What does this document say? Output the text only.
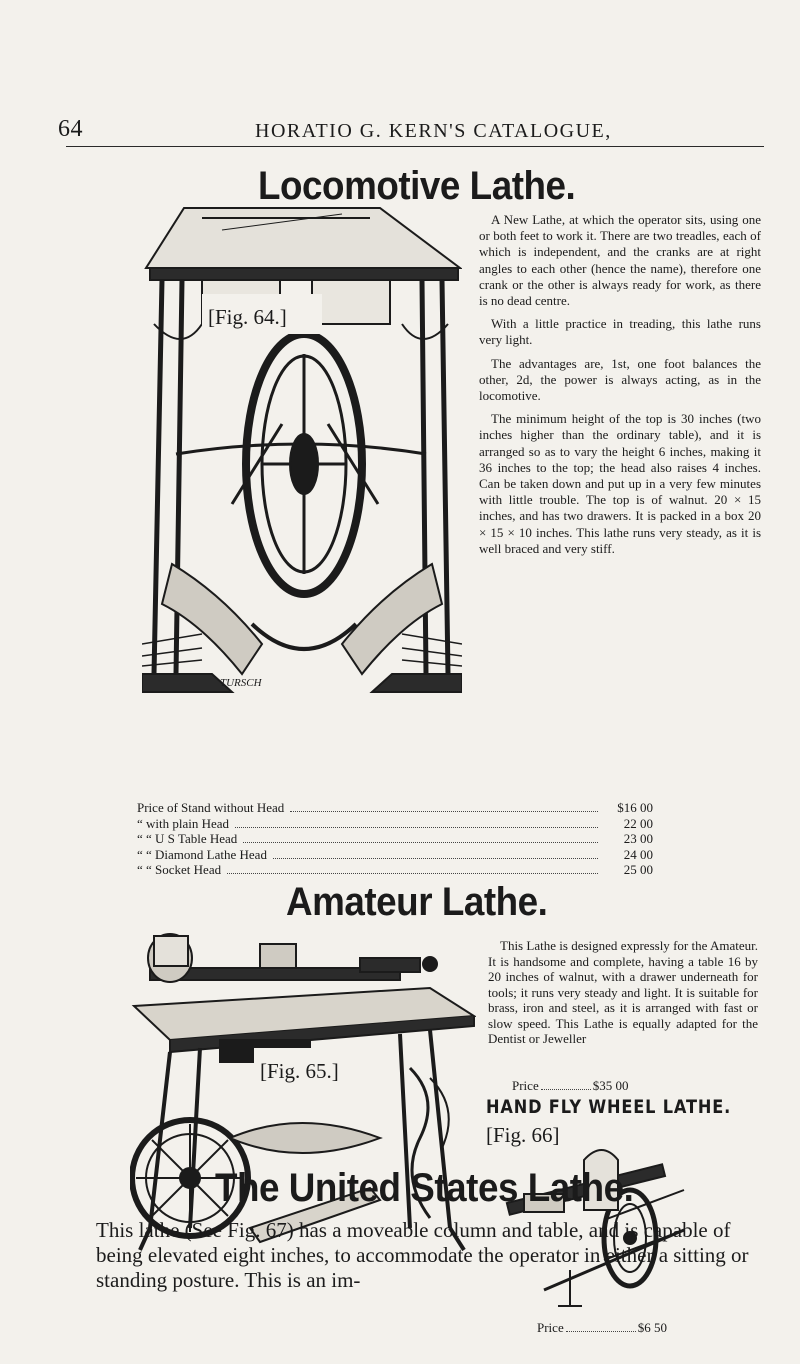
64	HORATIO G. KERN'S CATALOGUE,
Locomotive Lathe.
[Fig. 64.]
TURSCH

A New Lathe, at which the operator sits, using one or both feet to work it. There are two treadles, each of which is independent, and the cranks are at right angles to each other (hence the name), therefore one crank or the other is always ready for work, as there is no dead centre.

With a little practice in treading, this lathe runs very light.

The advantages are, 1st, one foot balances the other, 2d, the power is always acting, as in the locomotive.

The minimum height of the top is 30 inches (two inches higher than the ordinary table), and it is arranged so as to vary the height 6 inches, making it 36 inches to the top; the head also raises 4 inches. Can be taken down and put up in a very few minutes with little trouble. The top is of walnut. 20 × 15 inches, and has two drawers. It is packed in a box 20 × 15 × 10 inches. This lathe runs very steady, as it is well braced and very stiff.

Price of Stand without Head	$16 00
“ with plain Head	22 00
“ “ U S Table Head	23 00
“ “ Diamond Lathe Head	24 00
“ “ Socket Head	25 00
Amateur Lathe.
[Fig. 65.]

This Lathe is designed expressly for the Amateur. It is handsome and complete, having a table 16 by 20 inches of walnut, with a drawer underneath for tools; it runs very steady and light. It is suitable for brass, iron and steel, as it is arranged with fast or slow speed. This Lathe is equally adapted for the Dentist or Jeweller

Price	$35 00
HAND FLY WHEEL LATHE.
[Fig. 66]
Price	$6 50
The United States Lathe.
This lathe (See Fig. 67) has a moveable column and table, and is capable of being elevated eight inches, to accommodate the operator in either a sitting or standing posture. This is an im-
